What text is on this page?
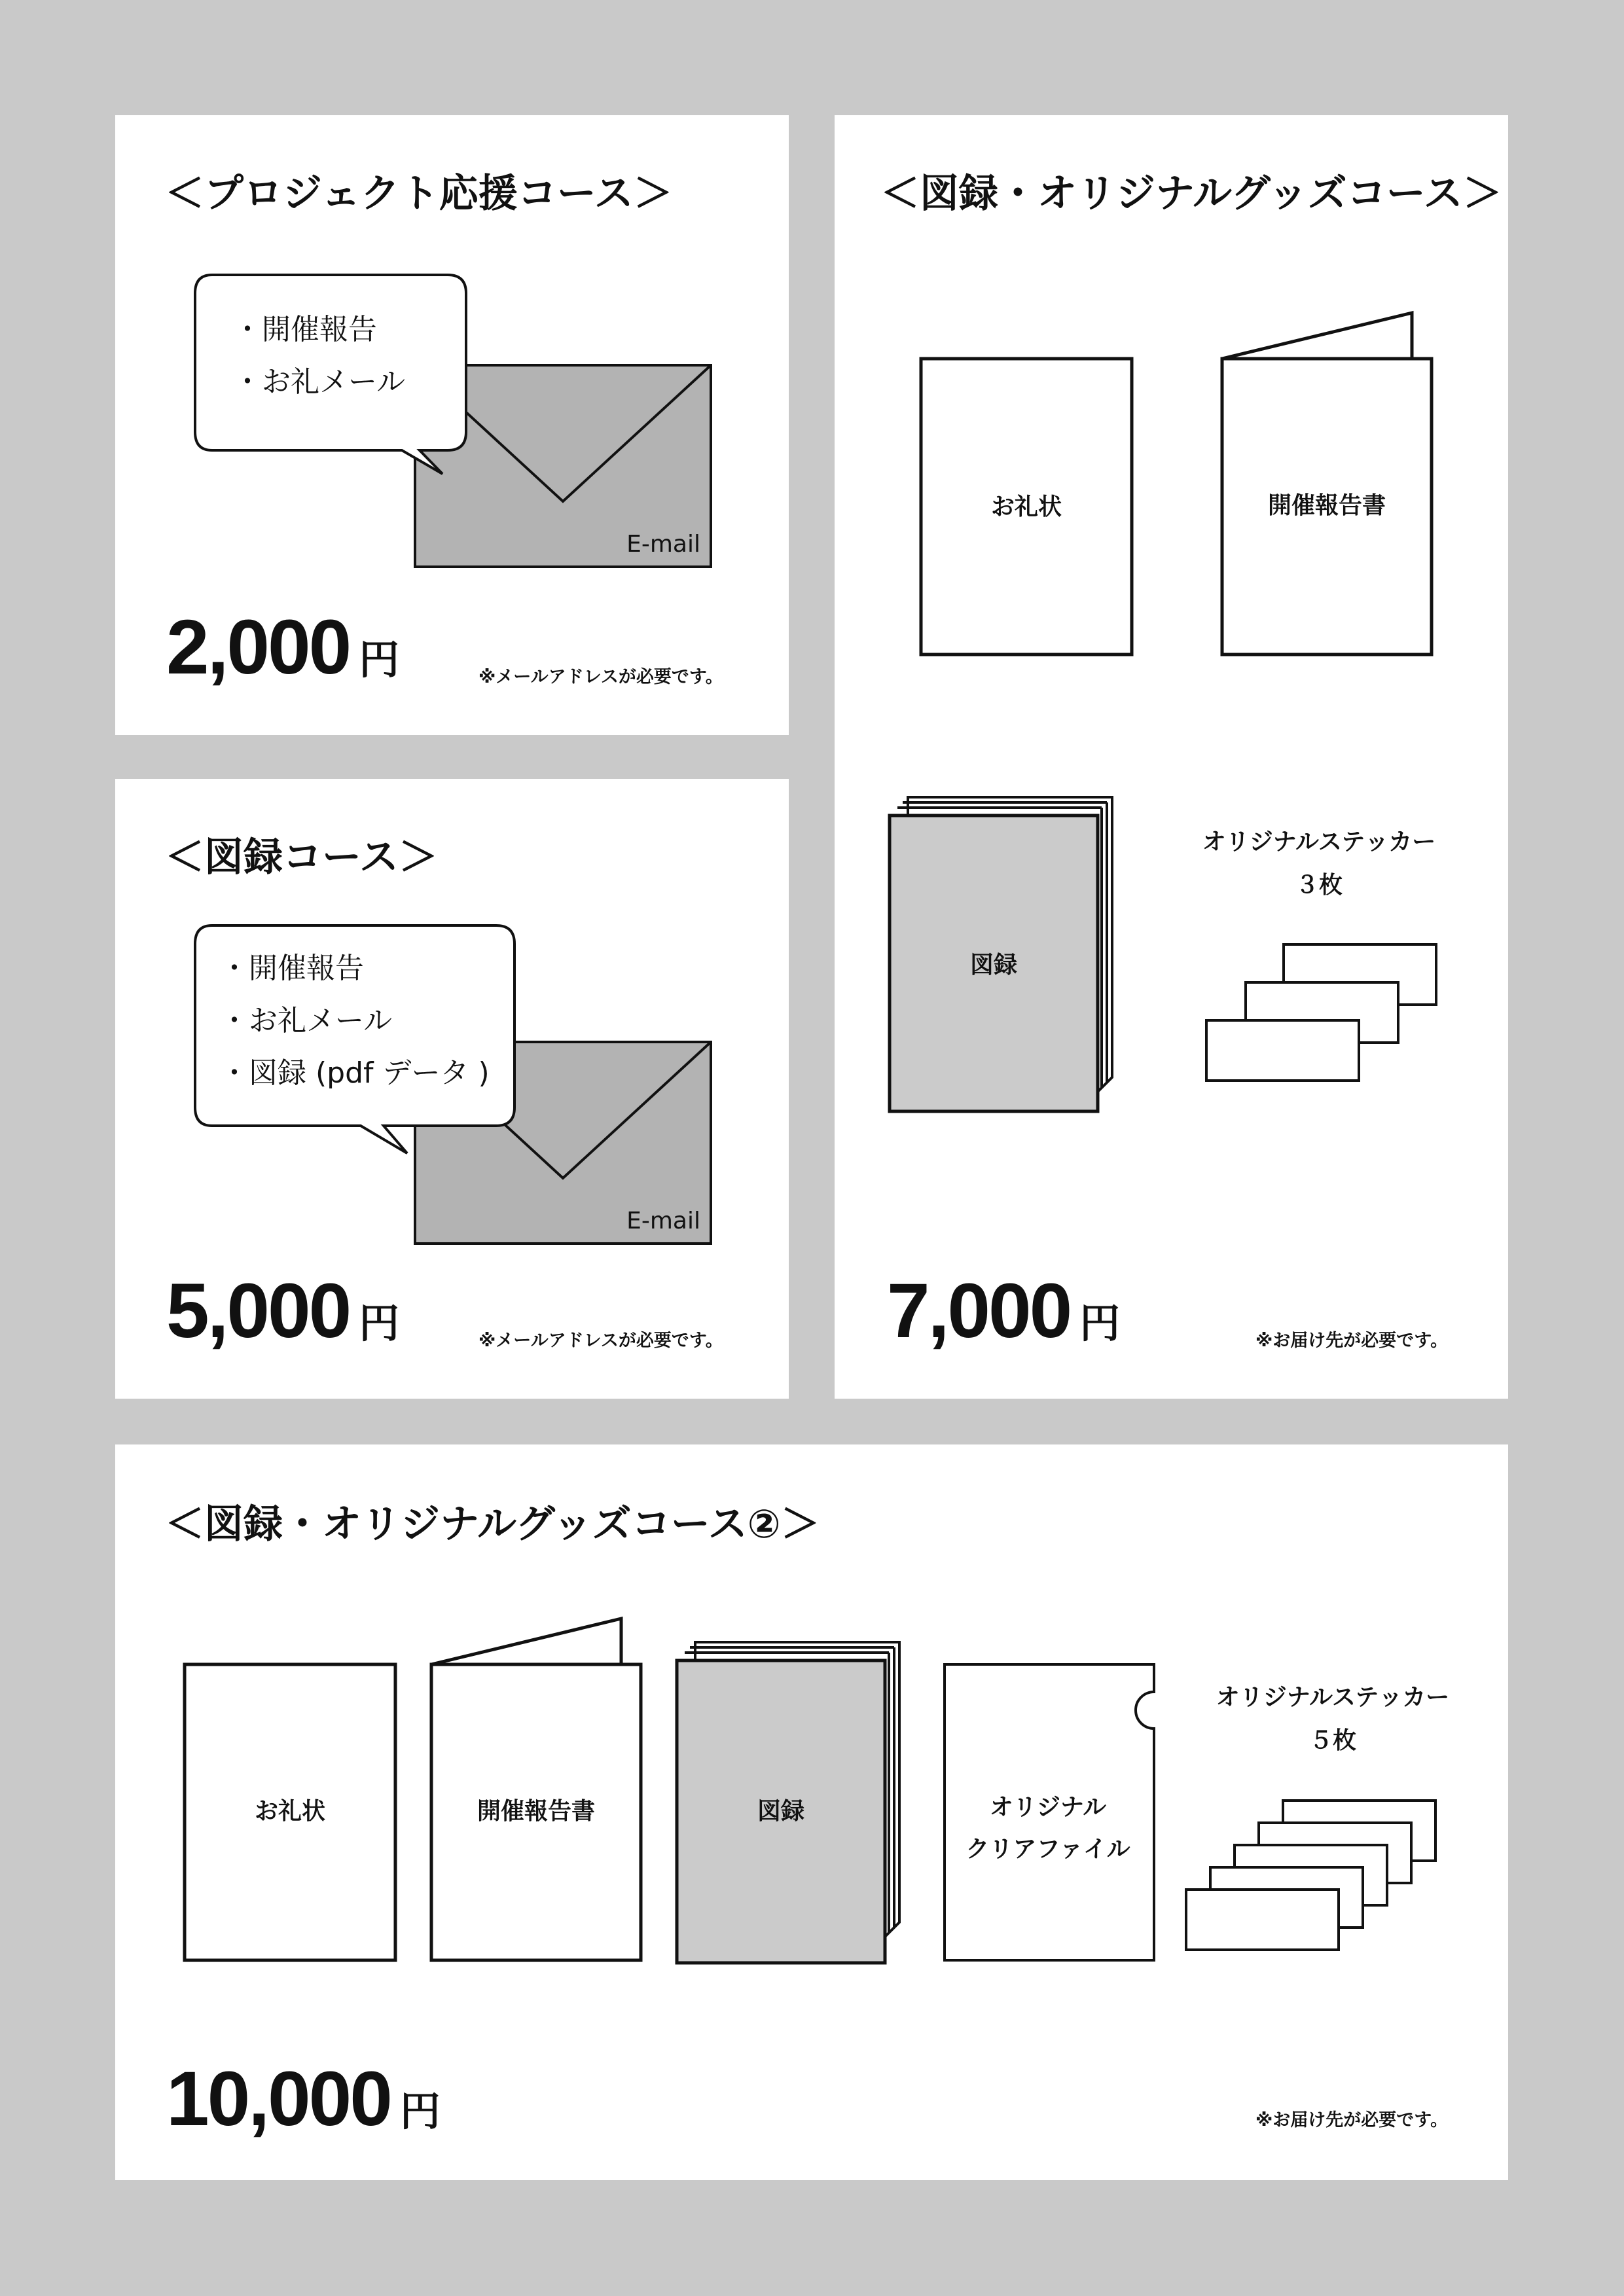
＜プロジェクト応援コース＞
E-mail
・開催報告
・お礼メール
2,000 円	※メールアドレスが必要です。
＜図録コース＞
E-mail
・開催報告
・お礼メール
・図録 (pdf データ )
5,000 円	※メールアドレスが必要です。
＜図録・オリジナルグッズコース＞
お礼状	開催報告書
図録
オリジナルステッカー
３枚
7,000 円	※お届け先が必要です。
＜図録・オリジナルグッズコース②＞
お礼状	開催報告書	図録	オリジナル
クリアファイル
オリジナルステッカー
５枚
10,000 円	※お届け先が必要です。
